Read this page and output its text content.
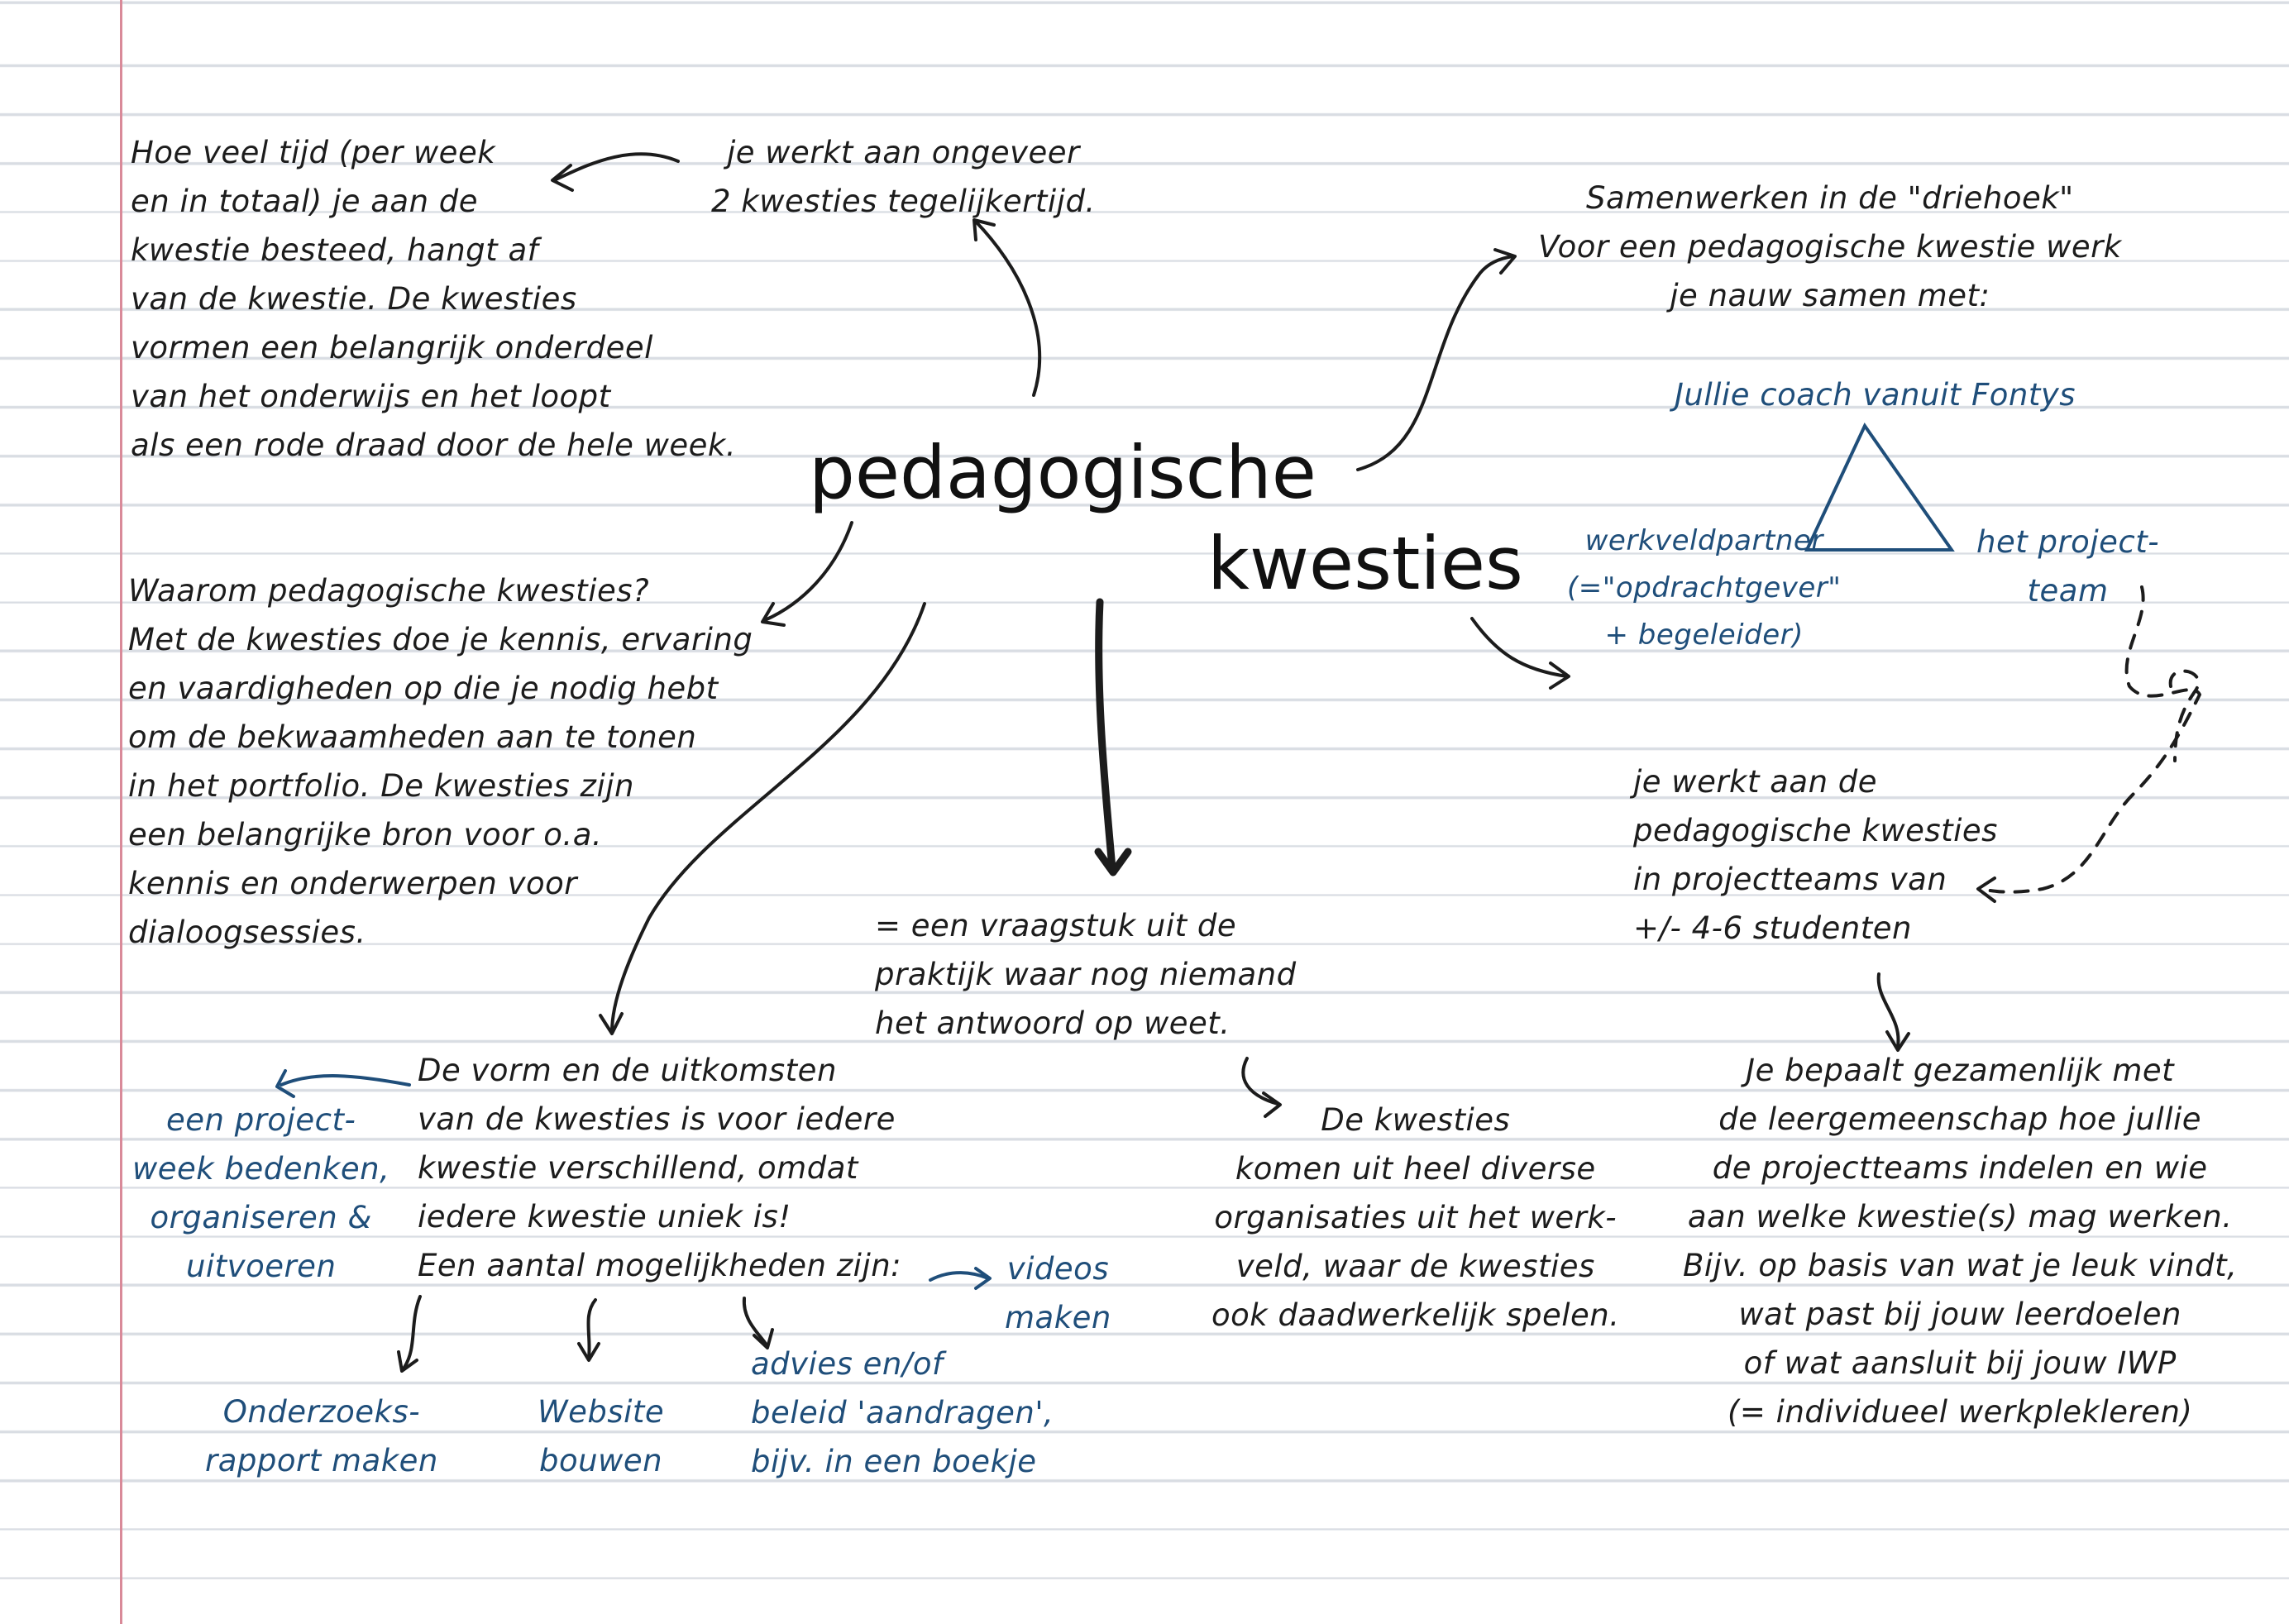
pedagogische

kwesties

Hoe veel tijd (per week
en in totaal) je aan de
kwestie besteed, hangt af
van de kwestie. De kwesties
vormen een belangrijk onderdeel
van het onderwijs en het loopt
als een rode draad door de hele week.

je werkt aan ongeveer
2 kwesties tegelijkertijd.	Samenwerken in de "driehoek"
Voor een pedagogische kwestie werk
je nauw samen met:

Jullie coach vanuit Fontys

werkveldpartner
(="opdrachtgever"
+ begeleider)

het project-
team

Waarom pedagogische kwesties?
Met de kwesties doe je kennis, ervaring
en vaardigheden op die je nodig hebt
om de bekwaamheden aan te tonen
in het portfolio. De kwesties zijn
een belangrijke bron voor o.a.
kennis en onderwerpen voor
dialoogsessies.	= een vraagstuk uit de
praktijk waar nog niemand
het antwoord op weet.

je werkt aan de
pedagogische kwesties
in projectteams van
+/- 4-6 studenten

De vorm en de uitkomsten
van de kwesties is voor iedere
kwestie verschillend, omdat
iedere kwestie uniek is!
Een aantal mogelijkheden zijn:

De kwesties
komen uit heel diverse
organisaties uit het werk-
veld, waar de kwesties
ook daadwerkelijk spelen.

Je bepaalt gezamenlijk met
de leergemeenschap hoe jullie
de projectteams indelen en wie
aan welke kwestie(s) mag werken.
Bijv. op basis van wat je leuk vindt,
wat past bij jouw leerdoelen
of wat aansluit bij jouw IWP
(= individueel werkplekleren)

een project-
week bedenken,
organiseren &
uitvoeren	videos
maken

Onderzoeks-
rapport maken

Website
bouwen

advies en/of
beleid 'aandragen',
bijv. in een boekje
